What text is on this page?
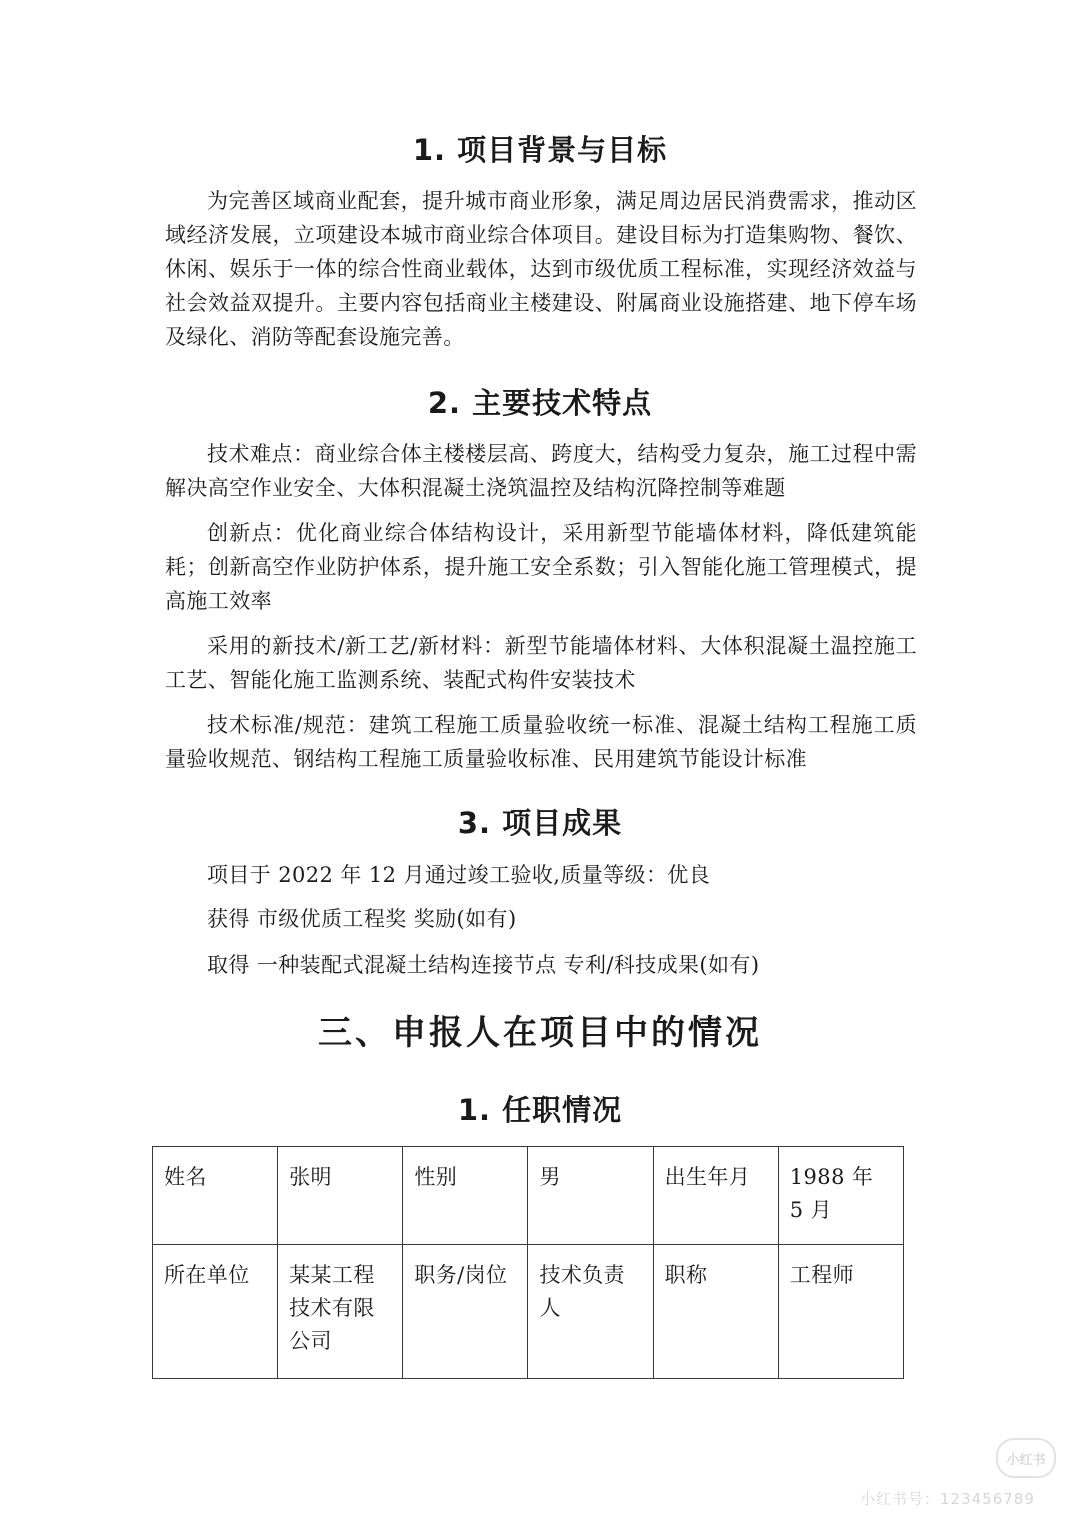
1. 项目背景与目标

为完善区域商业配套，提升城市商业形象，满足周边居民消费需求，推动区域经济发展，立项建设本城市商业综合体项目。建设目标为打造集购物、餐饮、休闲、娱乐于一体的综合性商业载体，达到市级优质工程标准，实现经济效益与社会效益双提升。主要内容包括商业主楼建设、附属商业设施搭建、地下停车场及绿化、消防等配套设施完善。

2. 主要技术特点

技术难点：商业综合体主楼楼层高、跨度大，结构受力复杂，施工过程中需解决高空作业安全、大体积混凝土浇筑温控及结构沉降控制等难题

创新点：优化商业综合体结构设计，采用新型节能墙体材料，降低建筑能耗；创新高空作业防护体系，提升施工安全系数；引入智能化施工管理模式，提高施工效率

采用的新技术/新工艺/新材料：新型节能墙体材料、大体积混凝土温控施工工艺、智能化施工监测系统、装配式构件安装技术

技术标准/规范：建筑工程施工质量验收统一标准、混凝土结构工程施工质量验收规范、钢结构工程施工质量验收标准、民用建筑节能设计标准

3. 项目成果

项目于 2022 年 12 月通过竣工验收,质量等级：优良

获得 市级优质工程奖 奖励(如有)

取得 一种装配式混凝土结构连接节点 专利/科技成果(如有)

三、申报人在项目中的情况
1. 任职情况
姓名	张明	性别	男	出生年月	1988 年 5 月
所在单位	某某工程技术有限公司	职务/岗位	技术负责人	职称	工程师
小红书
小红书号：123456789
